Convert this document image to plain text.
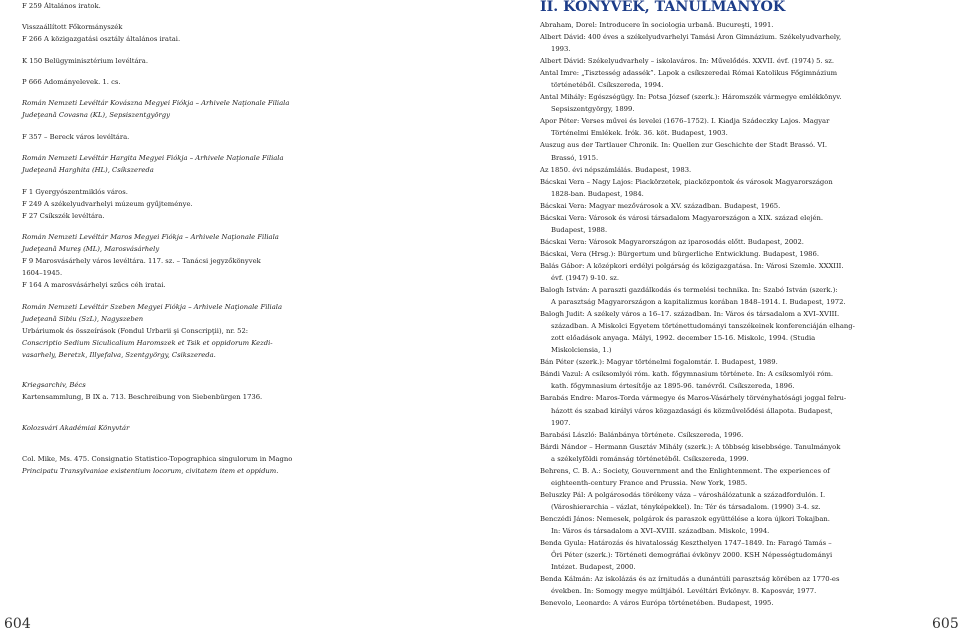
F 259 Általános iratok.
Visszaállított Főkormányszék
F 266 A közigazgatási osztály általános iratai.
K 150 Belügyminisztérium levéltára.
P 666 Adományelevek. 1. cs.
Román Nemzeti Levéltár Kovászna Megyei Fiókja – Arhivele Naţionale Filiala
Judeţeană Covasna (KL), Sepsiszentgyörgy
F 357 – Bereck város levéltára.
Román Nemzeti Levéltár Hargita Megyei Fiókja – Arhivele Naţionale Filiala
Judeţeană Harghita (HL), Csíkszereda
F 1 Gyergyószentmiklós város.
F 249 A székelyudvarhelyi múzeum gyűjteménye.
F 27 Csíkszék levéltára.
Román Nemzeti Levéltár Maros Megyei Fiókja – Arhivele Naţionale Filiala
Judeţeană Mureş (ML), Marosvásárhely
F 9 Marosvásárhely város levéltára. 117. sz. – Tanácsi jegyzőkönyvek
1604–1945.
F 164 A marosvásárhelyi szűcs céh iratai.
Román Nemzeti Levéltár Szeben Megyei Fiókja – Arhivele Naţionale Filiala
Judeţeană Sibiu (SzL), Nagyszeben
Urbáriumok és összeírások (Fondul Urbarii şi Conscripţii), nr. 52:
Conscriptio Sedium Siculicalium Haromszek et Tsik et oppidorum Kezdi-
vasarhely, Beretzk, Illyefalva, Szentgyörgy, Csikszereda.
Kriegsarchiv, Bécs
Kartensammlung, B IX a. 713. Beschreibung von Siebenbürgen 1736.
Kolozsvári Akadémiai Könyvtár
Col. Mike, Ms. 475. Consignatio Statistico-Topographica singulorum in Magno
Principatu Transylvaniae existentium locorum, civitatem item et oppidum.
II. KÖNYVEK, TANULMÁNYOK
Abraham, Dorel: Introducere în sociologia urbană. Bucureşti, 1991.
Albert Dávid: 400 éves a székelyudvarhelyi Tamási Áron Gimnázium. Székelyudvarhely,
1993.
Albert Dávid: Székelyudvarhely – iskolaváros. In: Művelődés. XXVII. évf. (1974) 5. sz.
Antal Imre: „Tisztesség adassék”. Lapok a csíkszeredai Római Katolikus Főgimnázium
történetéből. Csíkszereda, 1994.
Antal Mihály: Egészségügy. In: Potsa József (szerk.): Háromszék vármegye emlékkönyv.
Sepsiszentgyörgy, 1899.
Apor Péter: Verses művei és levelei (1676–1752). I. Kiadja Szádeczky Lajos. Magyar
Történelmi Emlékek. Írók. 36. köt. Budapest, 1903.
Auszug aus der Tartlauer Chronik. In: Quellen zur Geschichte der Stadt Brassó. VI.
Brassó, 1915.
Az 1850. évi népszámlálás. Budapest, 1983.
Bácskai Vera – Nagy Lajos: Piackörzetek, piacközpontok és városok Magyarországon
1828-ban. Budapest, 1984.
Bácskai Vera: Magyar mezővárosok a XV. században. Budapest, 1965.
Bácskai Vera: Városok és városi társadalom Magyarországon a XIX. század elején.
Budapest, 1988.
Bácskai Vera: Városok Magyarországon az iparosodás előtt. Budapest, 2002.
Bácskai, Vera (Hrsg.): Bürgertum und bürgerliche Entwicklung. Budapest, 1986.
Balás Gábor: A középkori erdélyi polgárság és közigazgatása. In: Városi Szemle. XXXIII.
évf. (1947) 9-10. sz.
Balogh István: A paraszti gazdálkodás és termelési technika. In: Szabó István (szerk.):
A parasztság Magyarországon a kapitalizmus korában 1848–1914. I. Budapest, 1972.
Balogh Judit: A székely város a 16–17. században. In: Város és társadalom a XVI–XVIII.
században. A Miskolci Egyetem történettudományi tanszékeinek konferenciáján elhang-
zott előadások anyaga. Mályi, 1992. december 15-16. Miskolc, 1994. (Studia
Miskolciensia, 1.)
Bán Péter (szerk.): Magyar történelmi fogalomtár. I. Budapest, 1989.
Bándi Vazul: A csíksomlyói róm. kath. főgymnasium története. In: A csíksomlyói róm.
kath. főgymnasium értesítője az 1895-96. tanévről. Csíkszereda, 1896.
Barabás Endre: Maros-Torda vármegye és Maros-Vásárhely törvényhatósági joggal felru-
házott és szabad királyi város közgazdasági és közművelődési állapota. Budapest,
1907.
Barabási László: Balánbánya története. Csíkszereda, 1996.
Bárdi Nándor – Hermann Gusztáv Mihály (szerk.): A többség kisebbsége. Tanulmányok
a székelyföldi románság történetéből. Csíkszereda, 1999.
Behrens, C. B. A.: Society, Gouvernment and the Enlightenment. The experiences of
eighteenth-century France and Prussia. New York, 1985.
Beluszky Pál: A polgárosodás törékeny váza – városhálózatunk a századfordulón. I.
(Városhierarchia – vázlat, tényképekkel). In: Tér és társadalom. (1990) 3-4. sz.
Benczédi János: Nemesek, polgárok és paraszok együttélése a kora újkori Tokajban.
In: Város és társadalom a XVI–XVIII. században. Miskolc, 1994.
Benda Gyula: Határozás és hivatalosság Keszthelyen 1747–1849. In: Faragó Tamás –
Őri Péter (szerk.): Történeti demográfiai évkönyv 2000. KSH Népességtudományi
Intézet. Budapest, 2000.
Benda Kálmán: Az iskolázás és az írnitudás a dunántúli parasztság körében az 1770-es
években. In: Somogy megye múltjából. Levéltári Évkönyv. 8. Kaposvár, 1977.
Benevolo, Leonardo: A város Európa történetében. Budapest, 1995.
604	605
